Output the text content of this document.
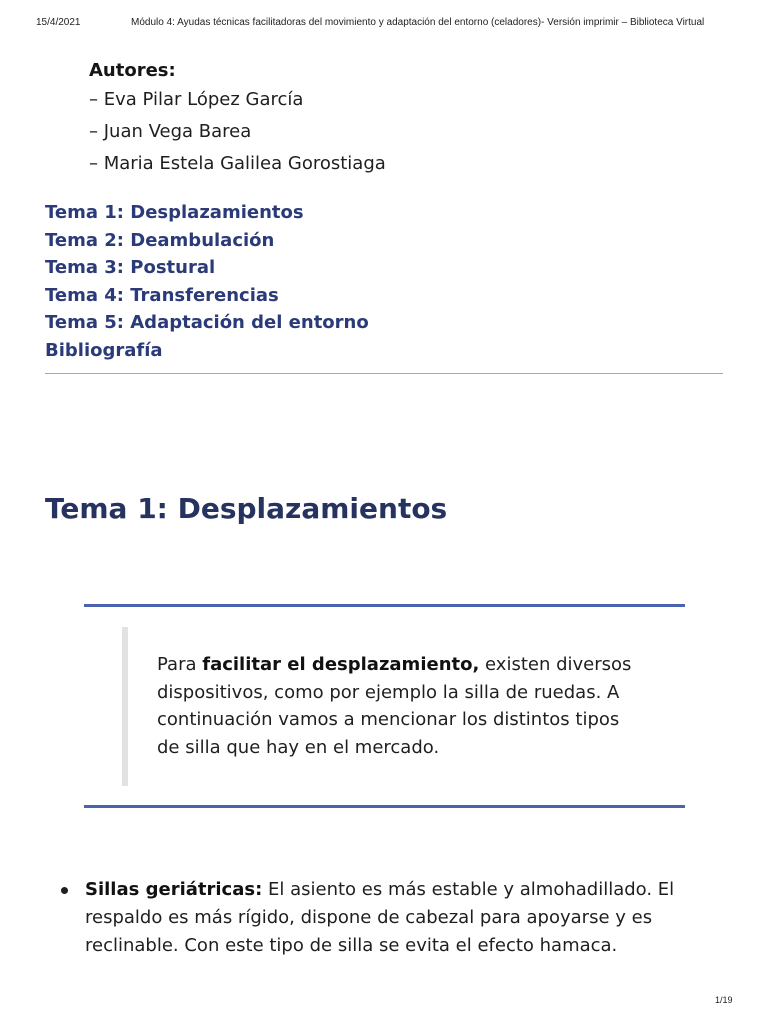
15/4/2021	Módulo 4: Ayudas técnicas facilitadoras del movimiento y adaptación del entorno (celadores)- Versión imprimir – Biblioteca Virtual
Autores:
– Eva Pilar López García
– Juan Vega Barea
– Maria Estela Galilea Gorostiaga
Tema 1: Desplazamientos
Tema 2: Deambulación
Tema 3: Postural
Tema 4: Transferencias
Tema 5: Adaptación del entorno
Bibliografía
Tema 1: Desplazamientos

Para facilitar el desplazamiento, existen diversos dispositivos, como por ejemplo la silla de ruedas. A continuación vamos a mencionar los distintos tipos de silla que hay en el mercado.

Sillas geriátricas: El asiento es más estable y almohadillado. El respaldo es más rígido, dispone de cabezal para apoyarse y es reclinable. Con este tipo de silla se evita el efecto hamaca.
1/19
